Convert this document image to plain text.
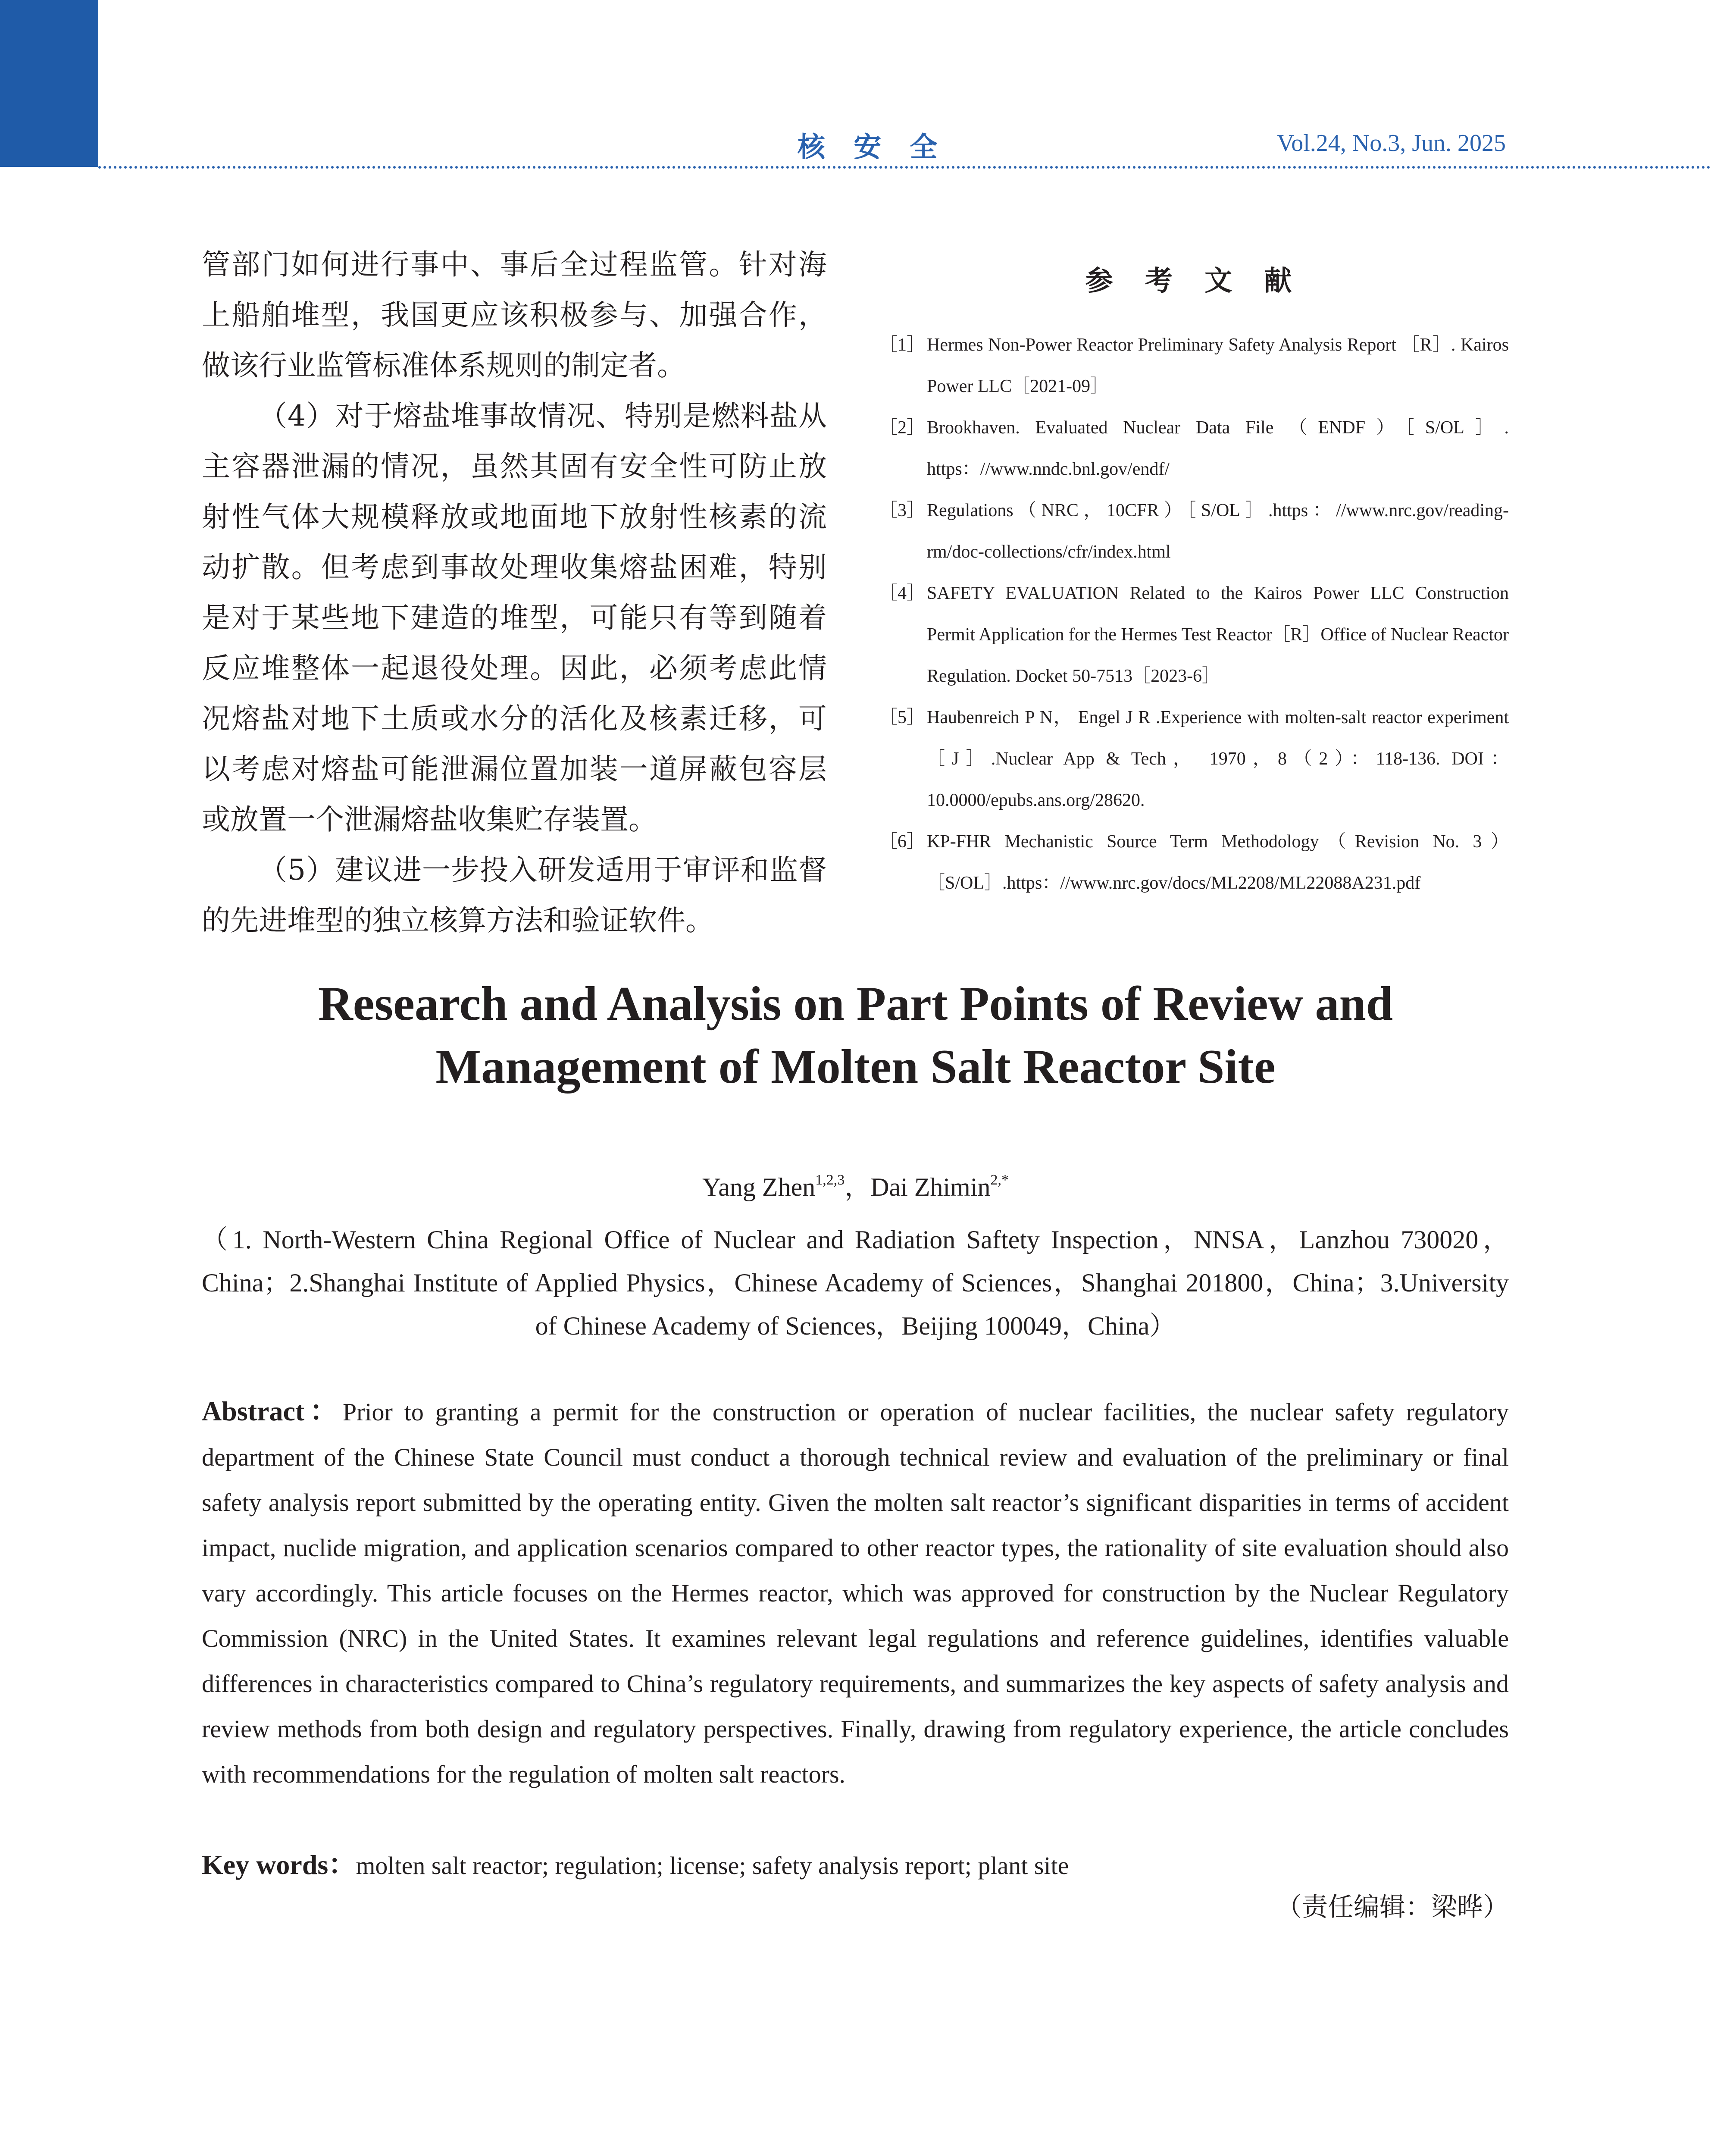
核 安 全	Vol.24, No.3, Jun. 2025

管部门如何进行事中、事后全过程监管。针对海上船舶堆型，我国更应该积极参与、加强合作，做该行业监管标准体系规则的制定者。

（4）对于熔盐堆事故情况、特别是燃料盐从主容器泄漏的情况，虽然其固有安全性可防止放射性气体大规模释放或地面地下放射性核素的流动扩散。但考虑到事故处理收集熔盐困难，特别是对于某些地下建造的堆型，可能只有等到随着反应堆整体一起退役处理。因此，必须考虑此情况熔盐对地下土质或水分的活化及核素迁移，可以考虑对熔盐可能泄漏位置加装一道屏蔽包容层或放置一个泄漏熔盐收集贮存装置。

（5）建议进一步投入研发适用于审评和监督的先进堆型的独立核算方法和验证软件。

参 考 文 献
［1］ Hermes Non-Power Reactor Preliminary Safety Analysis Report ［R］. Kairos Power LLC［2021-09］
［2］ Brookhaven. Evaluated Nuclear Data File （ENDF）［S/OL］. https：//www.nndc.bnl.gov/endf/
［3］ Regulations（NRC，10CFR）［S/OL］.https：//www.nrc.gov/reading-rm/doc-collections/cfr/index.html
［4］ SAFETY EVALUATION Related to the Kairos Power LLC Construction Permit Application for the Hermes Test Reactor［R］Office of Nuclear Reactor Regulation. Docket 50-7513［2023-6］
［5］ Haubenreich P N， Engel J R .Experience with molten-salt reactor experiment［J］.Nuclear App & Tech， 1970，8（2）：118-136. DOI：10.0000/epubs.ans.org/28620.
［6］ KP-FHR Mechanistic Source Term Methodology（Revision No. 3）［S/OL］.https：//www.nrc.gov/docs/ML2208/ML22088A231.pdf
Research and Analysis on Part Points of Review and
Management of Molten Salt Reactor Site
Yang Zhen$^{1,2,3}$，Dai Zhimin$^{2,*}$
（1. North-Western China Regional Office of Nuclear and Radiation Saftety Inspection，NNSA，Lanzhou 730020，China；2.Shanghai Institute of Applied Physics，Chinese Academy of Sciences，Shanghai 201800，China；3.University of Chinese Academy of Sciences，Beijing 100049，China）
Abstract：Prior to granting a permit for the construction or operation of nuclear facilities, the nuclear safety regulatory department of the Chinese State Council must conduct a thorough technical review and evaluation of the preliminary or final safety analysis report submitted by the operating entity. Given the molten salt reactor’s significant disparities in terms of accident impact, nuclide migration, and application scenarios compared to other reactor types, the rationality of site evaluation should also vary accordingly. This article focuses on the Hermes reactor, which was approved for construction by the Nuclear Regulatory Commission (NRC) in the United States. It examines relevant legal regulations and reference guidelines, identifies valuable differences in characteristics compared to China’s regulatory requirements, and summarizes the key aspects of safety analysis and review methods from both design and regulatory perspectives. Finally, drawing from regulatory experience, the article concludes with recommendations for the regulation of molten salt reactors.
Key words：molten salt reactor; regulation; license; safety analysis report; plant site
（责任编辑：梁晔）
